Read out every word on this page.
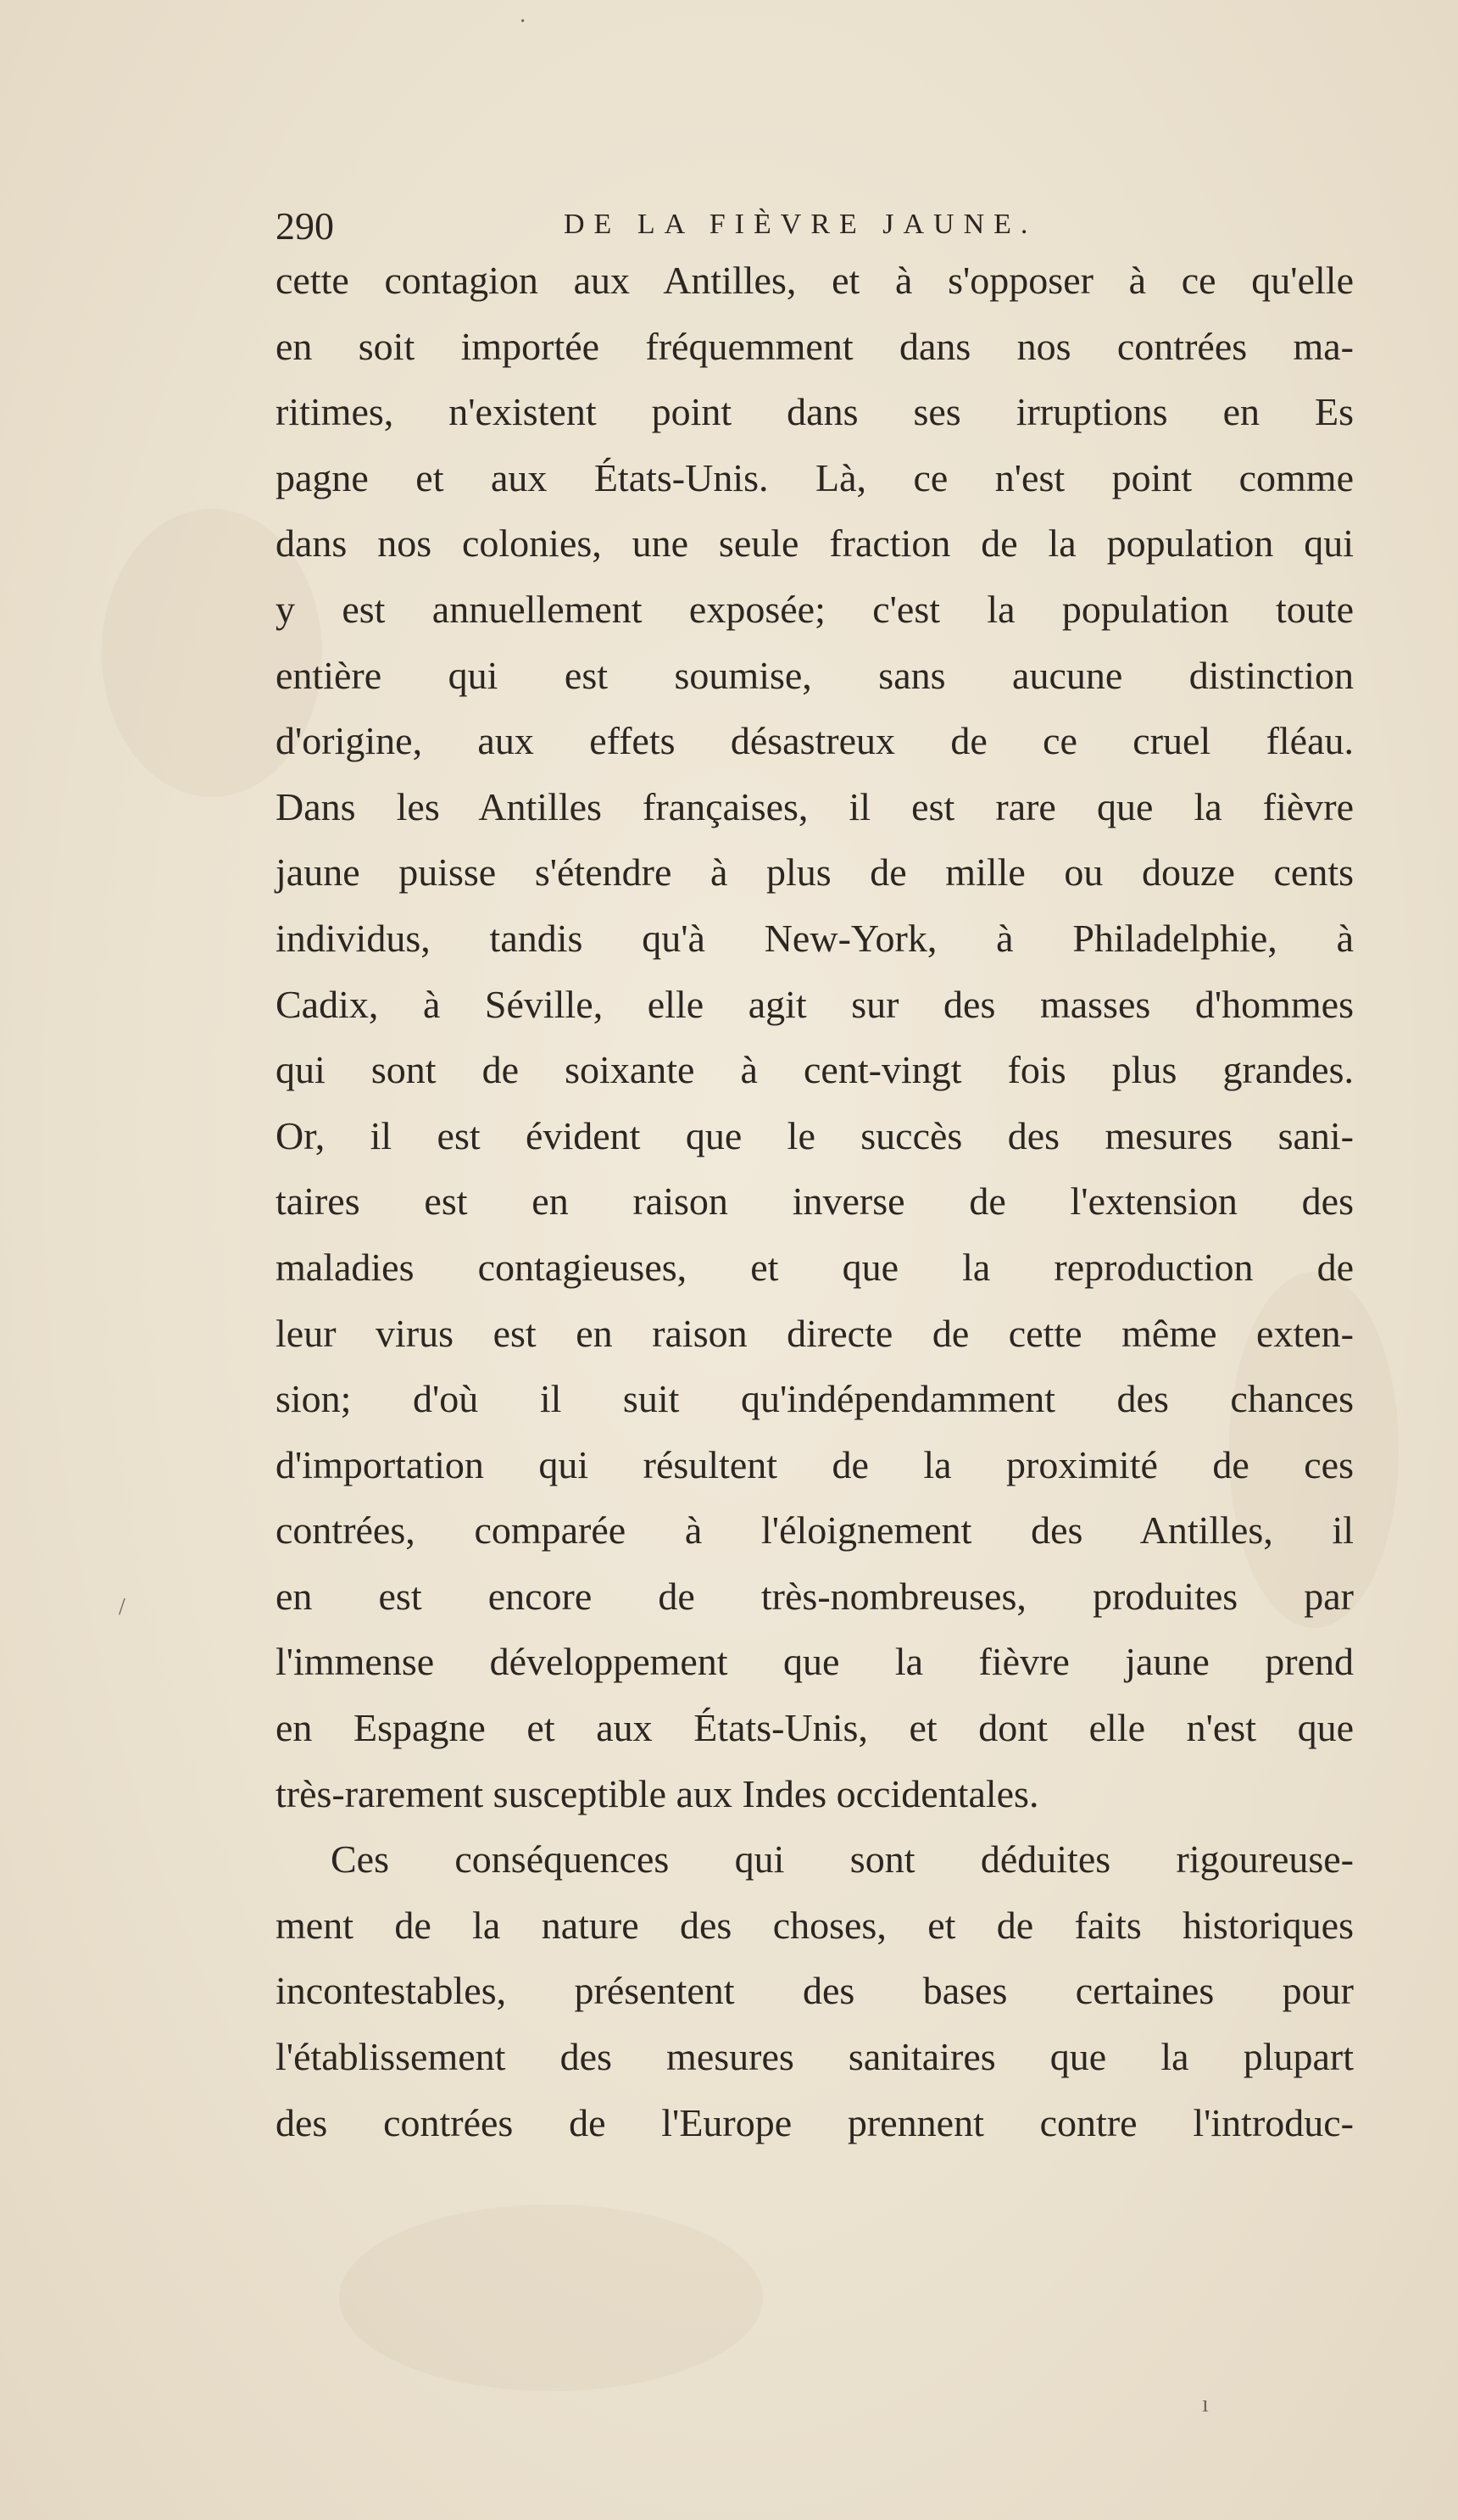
290	DE LA FIÈVRE JAUNE.
cette contagion aux Antilles, et à s'opposer à ce qu'elle
en soit importée fréquemment dans nos contrées ma-
ritimes, n'existent point dans ses irruptions en Es
pagne et aux États-Unis. Là, ce n'est point comme
dans nos colonies, une seule fraction de la population qui
y est annuellement exposée; c'est la population toute
entière qui est soumise, sans aucune distinction
d'origine, aux effets désastreux de ce cruel fléau.
Dans les Antilles françaises, il est rare que la fièvre
jaune puisse s'étendre à plus de mille ou douze cents
individus, tandis qu'à New-York, à Philadelphie, à
Cadix, à Séville, elle agit sur des masses d'hommes
qui sont de soixante à cent-vingt fois plus grandes.
Or, il est évident que le succès des mesures sani-
taires est en raison inverse de l'extension des
maladies contagieuses, et que la reproduction de
leur virus est en raison directe de cette même exten-
sion; d'où il suit qu'indépendamment des chances
d'importation qui résultent de la proximité de ces
contrées, comparée à l'éloignement des Antilles, il
en est encore de très-nombreuses, produites par
l'immense développement que la fièvre jaune prend
en Espagne et aux États-Unis, et dont elle n'est que
très-rarement susceptible aux Indes occidentales.
Ces conséquences qui sont déduites rigoureuse-
ment de la nature des choses, et de faits historiques
incontestables, présentent des bases certaines pour
l'établissement des mesures sanitaires que la plupart
des contrées de l'Europe prennent contre l'introduc-
·
/
ı
